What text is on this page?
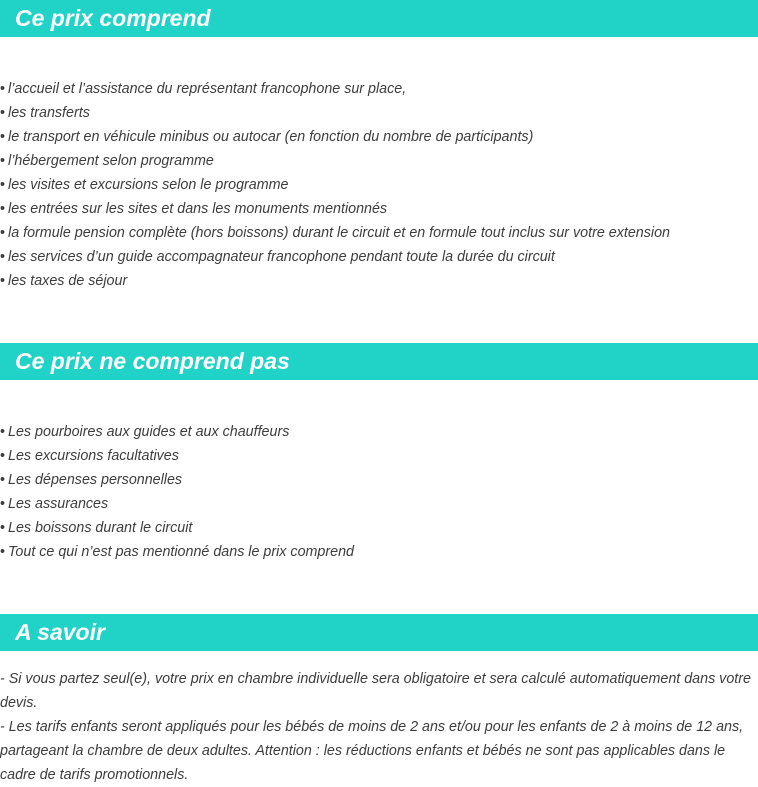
Ce prix comprend
• l’accueil et l’assistance du représentant francophone sur place,
• les transferts
• le transport en véhicule minibus ou autocar (en fonction du nombre de participants)
• l’hébergement selon programme
• les visites et excursions selon le programme
• les entrées sur les sites et dans les monuments mentionnés
• la formule pension complète (hors boissons) durant le circuit et en formule tout inclus sur votre extension
• les services d’un guide accompagnateur francophone pendant toute la durée du circuit
• les taxes de séjour
Ce prix ne comprend pas
• Les pourboires aux guides et aux chauffeurs
• Les excursions facultatives
• Les dépenses personnelles
• Les assurances
• Les boissons durant le circuit
• Tout ce qui n’est pas mentionné dans le prix comprend
A savoir

- Si vous partez seul(e), votre prix en chambre individuelle sera obligatoire et sera calculé automatiquement dans votre devis.

- Les tarifs enfants seront appliqués pour les bébés de moins de 2 ans et/ou pour les enfants de 2 à moins de 12 ans, partageant la chambre de deux adultes. Attention : les réductions enfants et bébés ne sont pas applicables dans le cadre de tarifs promotionnels.
